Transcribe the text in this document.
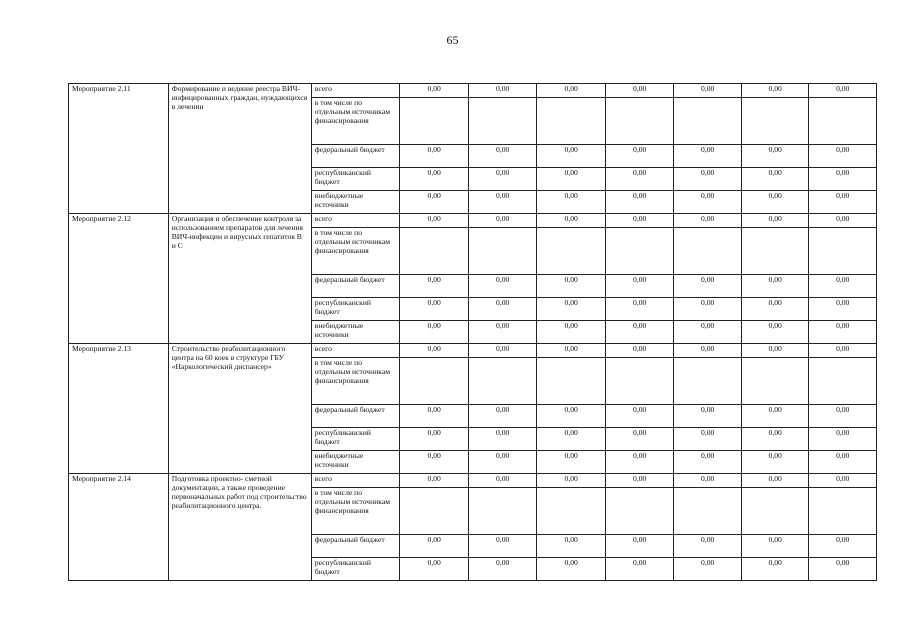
65
Мероприятие 2.11	Формирование и ведение реестра ВИЧ-инфицированных граждан, нуждающихся в лечении	всего	0,00	0,00	0,00	0,00	0,00	0,00	0,00
		в том числе по отдельным источникам финансирования							
		федеральный бюджет	0,00	0,00	0,00	0,00	0,00	0,00	0,00
		республиканский бюджет	0,00	0,00	0,00	0,00	0,00	0,00	0,00
		внебюджетные источники	0,00	0,00	0,00	0,00	0,00	0,00	0,00
Мероприятие 2.12	Организация и обеспечение контроля за использованием препаратов для лечения ВИЧ-инфекции и вирусных гепатитов В и С	всего	0,00	0,00	0,00	0,00	0,00	0,00	0,00
		в том числе по отдельным источникам финансирования							
		федеральный бюджет	0,00	0,00	0,00	0,00	0,00	0,00	0,00
		республиканский бюджет	0,00	0,00	0,00	0,00	0,00	0,00	0,00
		внебюджетные источники	0,00	0,00	0,00	0,00	0,00	0,00	0,00
Мероприятие 2.13	Строительство реабилитационного центра на 60 коек в структуре ГБУ «Наркологический диспансер»	всего	0,00	0,00	0,00	0,00	0,00	0,00	0,00
		в том числе по отдельным источникам финансирования							
		федеральный бюджет	0,00	0,00	0,00	0,00	0,00	0,00	0,00
		республиканский бюджет	0,00	0,00	0,00	0,00	0,00	0,00	0,00
		внебюджетные источники	0,00	0,00	0,00	0,00	0,00	0,00	0,00
Мероприятие 2.14	Подготовка проектно- сметной документации, а также проведение первоначальных работ под строительство реабилитационного центра.	всего	0,00	0,00	0,00	0,00	0,00	0,00	0,00
		в том числе по отдельным источникам финансирования							
		федеральный бюджет	0,00	0,00	0,00	0,00	0,00	0,00	0,00
		республиканский бюджет	0,00	0,00	0,00	0,00	0,00	0,00	0,00
